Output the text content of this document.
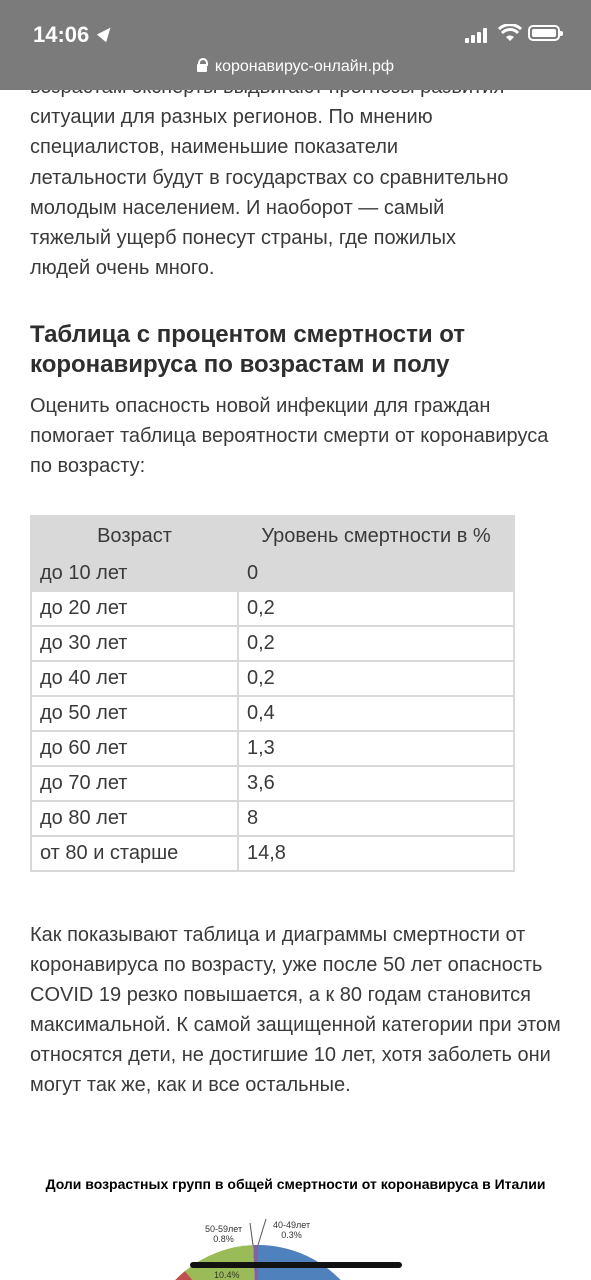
14:06
коронавирус-онлайн.рф

ситуации для разных регионов. По мнению

специалистов, наименьшие показатели

летальности будут в государствах со сравнительно

молодым населением. И наоборот — самый

тяжелый ущерб понесут страны, где пожилых

людей очень много.

Таблица с процентом смертности от коронавируса по возрастам и полу

Оценить опасность новой инфекции для граждан помогает таблица вероятности смерти от коронавируса по возрасту:

Возраст	Уровень смертности в %
до 10 лет	0
до 20 лет	0,2
до 30 лет	0,2
до 40 лет	0,2
до 50 лет	0,4
до 60 лет	1,3
до 70 лет	3,6
до 80 лет	8
от 80 и старше	14,8

Как показывают таблица и диаграммы смертности от коронавируса по возрасту, уже после 50 лет опасность COVID 19 резко повышается, а к 80 годам становится максимальной. К самой защищенной категории при этом относятся дети, не достигшие 10 лет, хотя заболеть они могут так же, как и все остальные.

Доли возрастных групп в общей смертности от коронавируса в Италии
50-59лет
0.8%
40-49лет
0.3%
10.4%
